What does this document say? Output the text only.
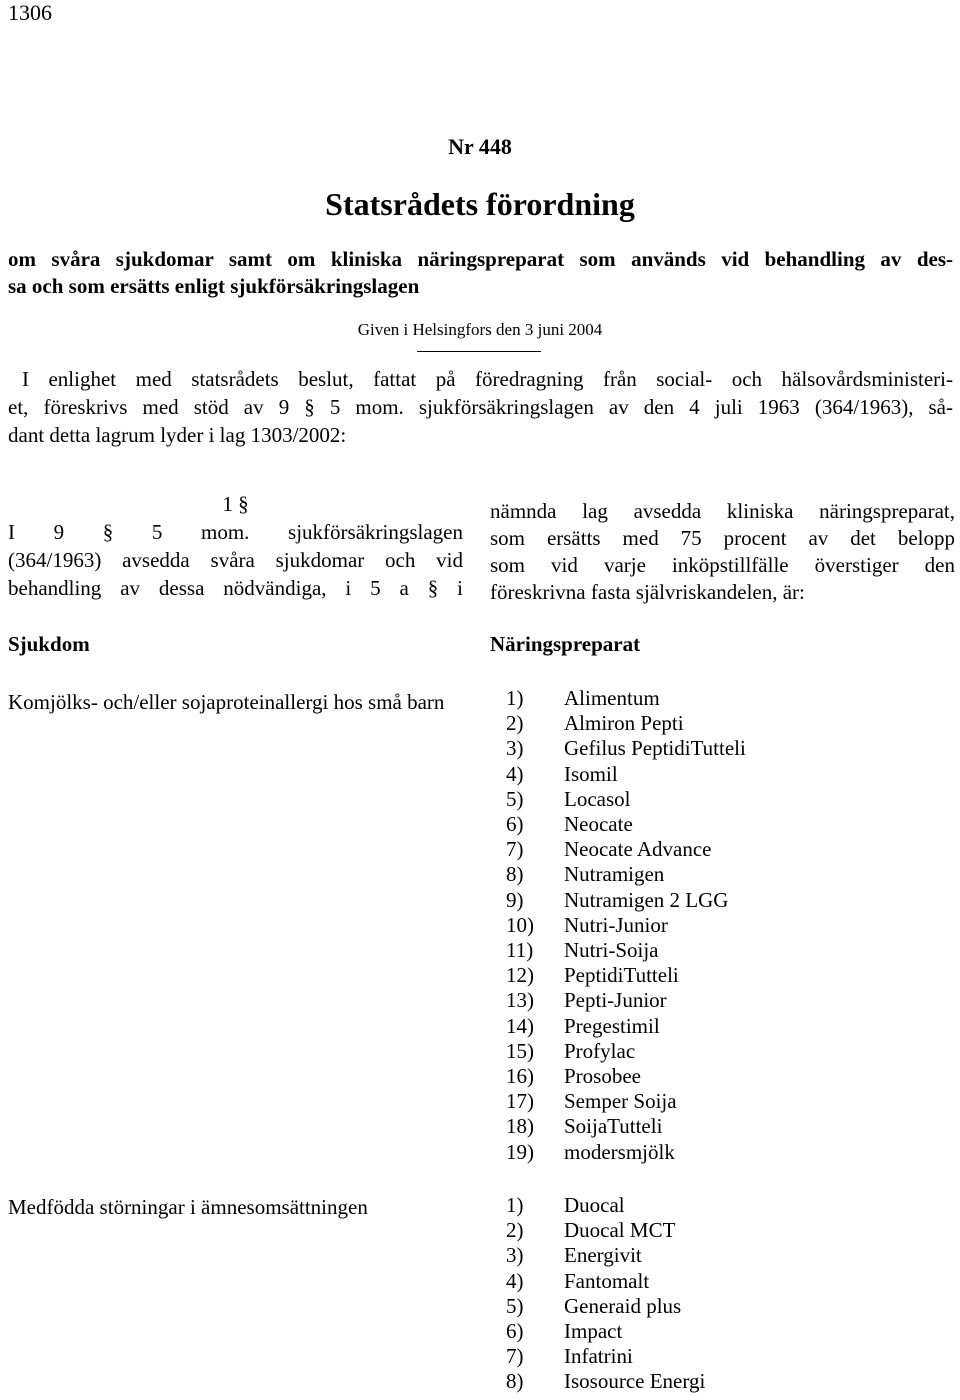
1306
Nr 448
Statsrådets förordning
om svåra sjukdomar samt om kliniska näringspreparat som används vid behandling av des-
sa och som ersätts enligt sjukförsäkringslagen
Given i Helsingfors den 3 juni 2004
I enlighet med statsrådets beslut, fattat på föredragning från social- och hälsovårdsministeri-
et, föreskrivs med stöd av 9 § 5 mom. sjukförsäkringslagen av den 4 juli 1963 (364/1963), så-
dant detta lagrum lyder i lag 1303/2002:
1 §
I 9 § 5 mom. sjukförsäkringslagen
(364/1963) avsedda svåra sjukdomar och vid
behandling av dessa nödvändiga, i 5 a § i
nämnda lag avsedda kliniska näringspreparat,
som ersätts med 75 procent av det belopp
som vid varje inköpstillfälle överstiger den
föreskrivna fasta självriskandelen, är:
Sjukdom	Näringspreparat
Komjölks- och/eller sojaproteinallergi hos små barn	1) Alimentum
2) Almiron Pepti
3) Gefilus PeptidiTutteli
4) Isomil
5) Locasol
6) Neocate
7) Neocate Advance
8) Nutramigen
9) Nutramigen 2 LGG
10) Nutri-Junior
11) Nutri-Soija
12) PeptidiTutteli
13) Pepti-Junior
14) Pregestimil
15) Profylac
16) Prosobee
17) Semper Soija
18) SoijaTutteli
19) modersmjölk
Medfödda störningar i ämnesomsättningen	1) Duocal
2) Duocal MCT
3) Energivit
4) Fantomalt
5) Generaid plus
6) Impact
7) Infatrini
8) Isosource Energi
